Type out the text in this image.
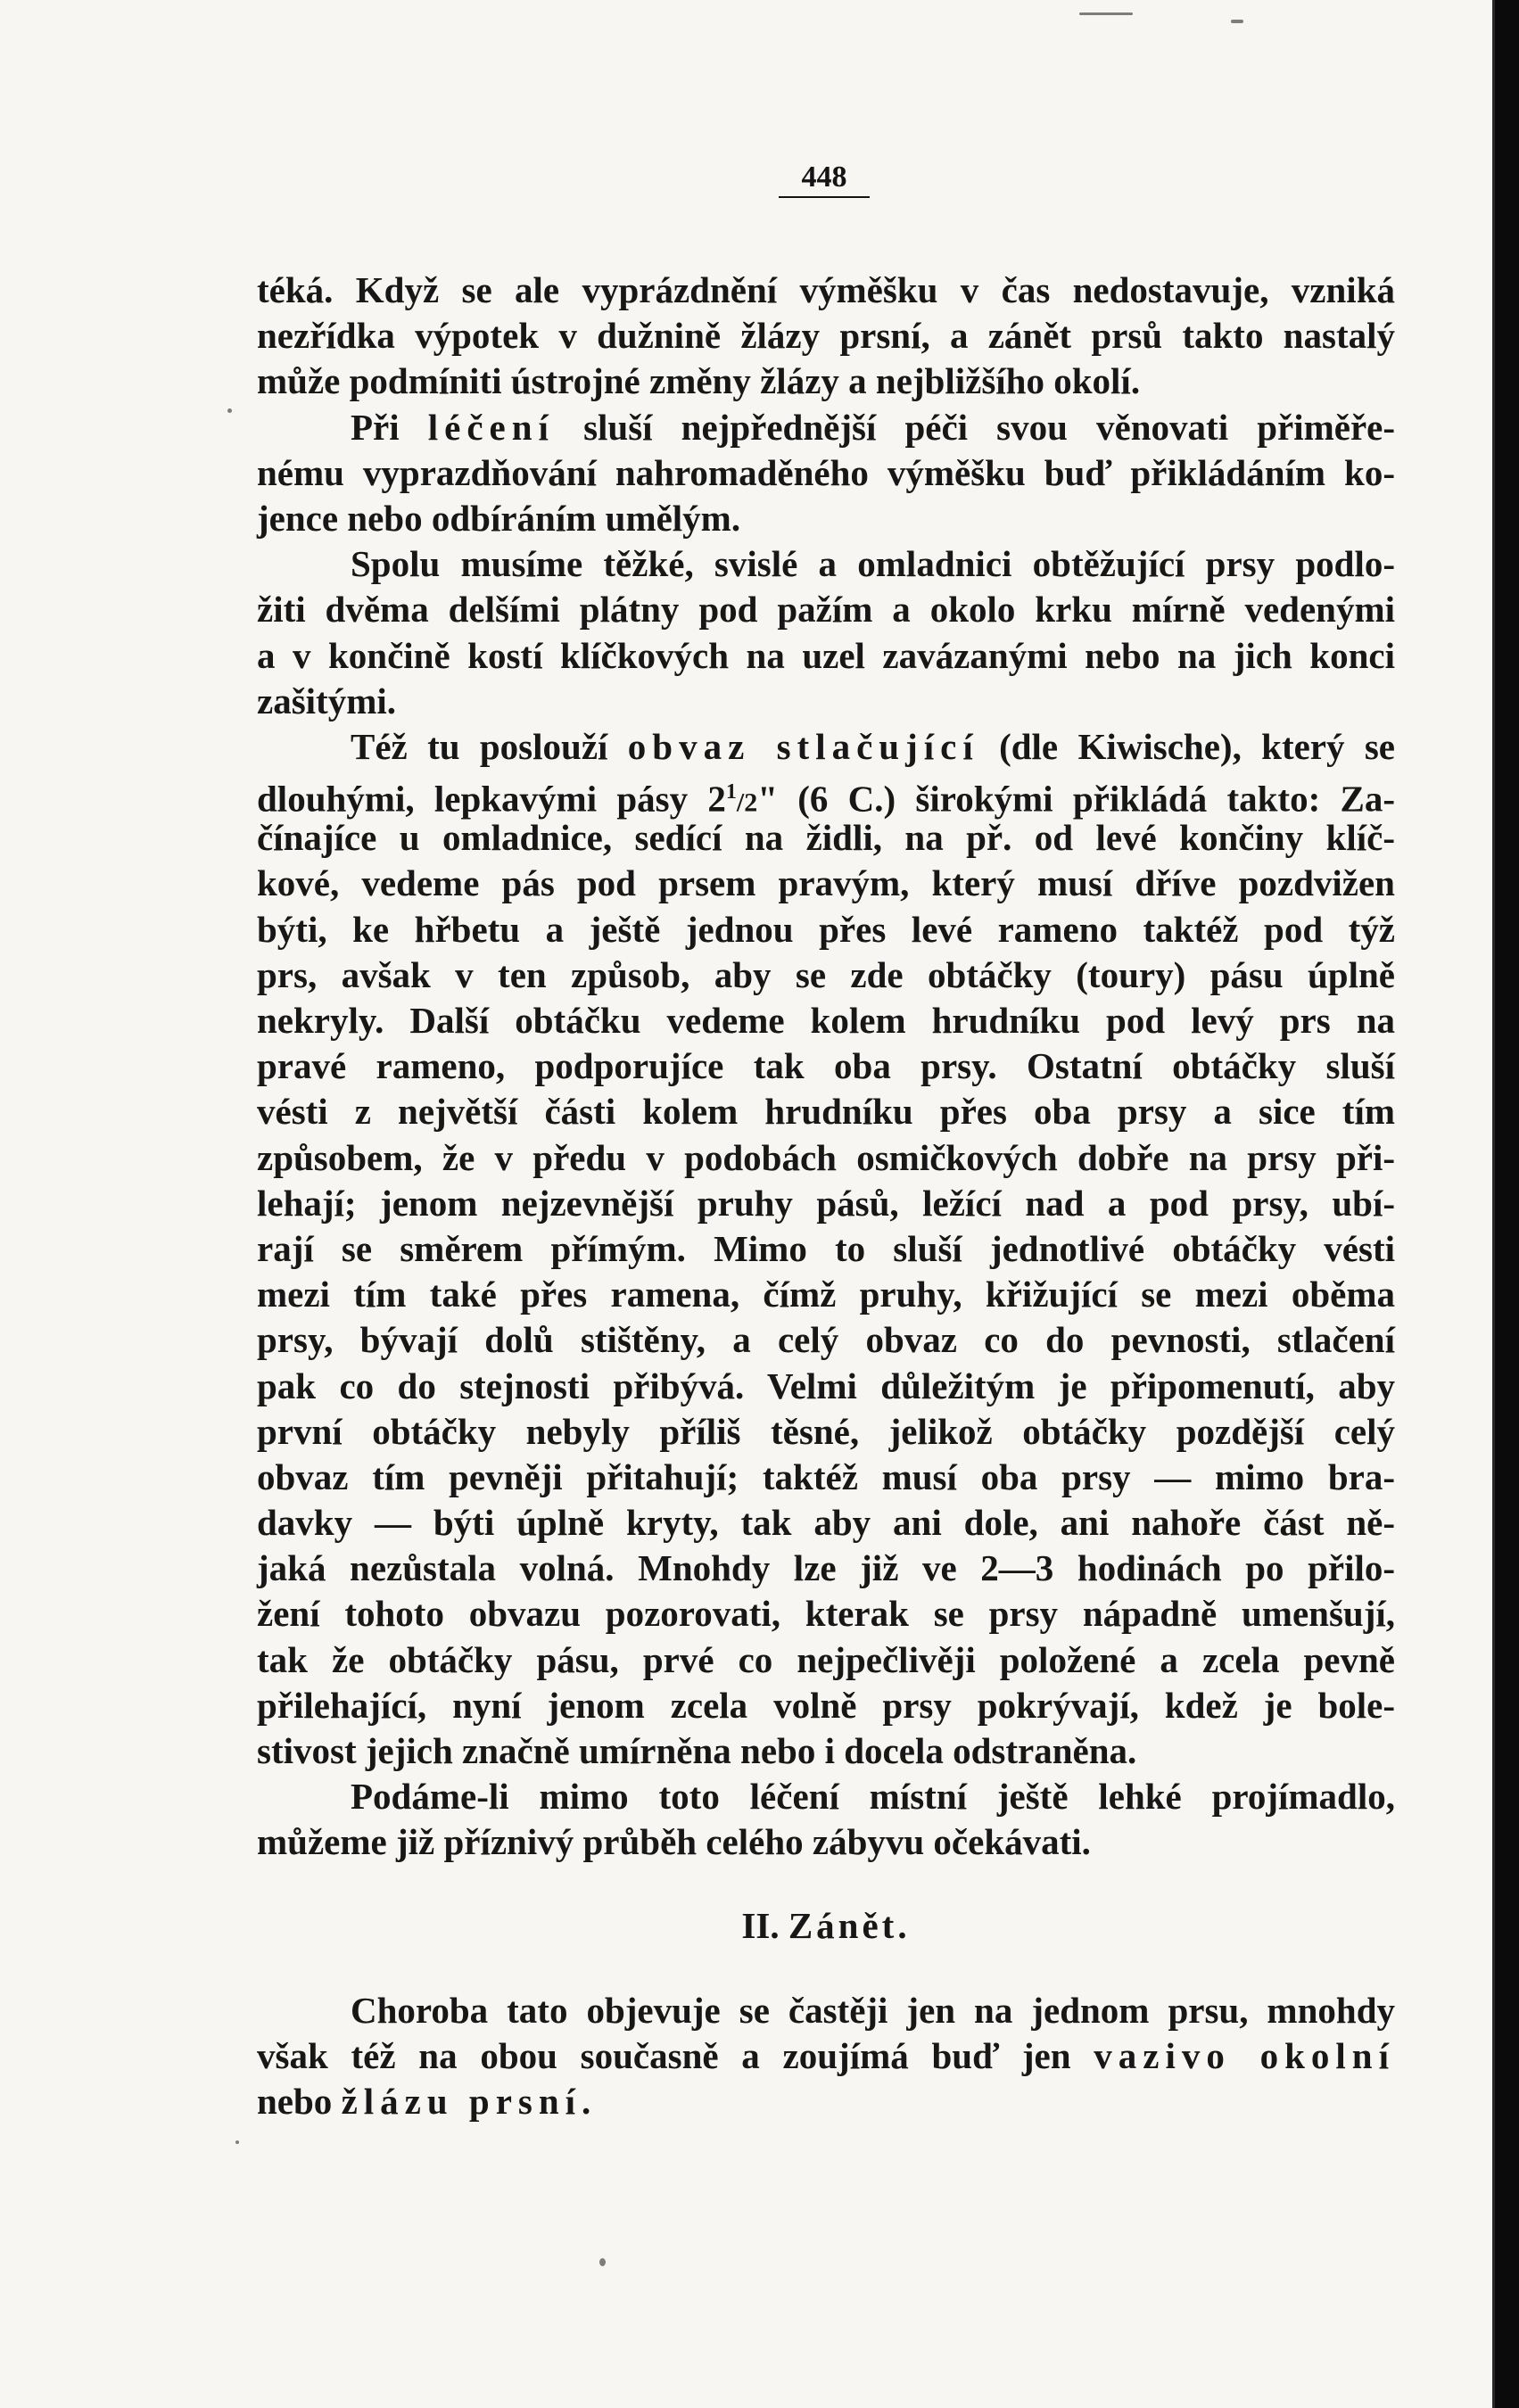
448
téká. Když se ale vyprázdnění výměšku v čas nedostavuje, vzniká
nezřídka výpotek v dužnině žlázy prsní, a zánět prsů takto nastalý
může podmíniti ústrojné změny žlázy a nejbližšího okolí.
Při léčení sluší nejpřednější péči svou věnovati přiměře-
nému vyprazdňování nahromaděného výměšku buď přikládáním ko-
jence nebo odbíráním umělým.
Spolu musíme těžké, svislé a omladnici obtěžující prsy podlo-
žiti dvěma delšími plátny pod pažím a okolo krku mírně vedenými
a v končině kostí klíčkových na uzel zavázanými nebo na jich konci
zašitými.
Též tu poslouží obvaz stlačující (dle Kiwische), který se
dlouhými, lepkavými pásy $2^1/2$" (6 C.) širokými přikládá takto: Za-
čínajíce u omladnice, sedící na židli, na př. od levé končiny klíč-
kové, vedeme pás pod prsem pravým, který musí dříve pozdvižen
býti, ke hřbetu a ještě jednou přes levé rameno taktéž pod týž
prs, avšak v ten způsob, aby se zde obtáčky (toury) pásu úplně
nekryly. Další obtáčku vedeme kolem hrudníku pod levý prs na
pravé rameno, podporujíce tak oba prsy. Ostatní obtáčky sluší
vésti z největší části kolem hrudníku přes oba prsy a sice tím
způsobem, že v předu v podobách osmičkových dobře na prsy při-
lehají; jenom nejzevnější pruhy pásů, ležící nad a pod prsy, ubí-
rají se směrem přímým. Mimo to sluší jednotlivé obtáčky vésti
mezi tím také přes ramena, čímž pruhy, křižující se mezi oběma
prsy, bývají dolů stištěny, a celý obvaz co do pevnosti, stlačení
pak co do stejnosti přibývá. Velmi důležitým je připomenutí, aby
první obtáčky nebyly příliš těsné, jelikož obtáčky pozdější celý
obvaz tím pevněji přitahují; taktéž musí oba prsy — mimo bra-
davky — býti úplně kryty, tak aby ani dole, ani nahoře část ně-
jaká nezůstala volná. Mnohdy lze již ve 2—3 hodinách po přilo-
žení tohoto obvazu pozorovati, kterak se prsy nápadně umenšují,
tak že obtáčky pásu, prvé co nejpečlivěji položené a zcela pevně
přilehající, nyní jenom zcela volně prsy pokrývají, kdež je bole-
stivost jejich značně umírněna nebo i docela odstraněna.
Podáme-li mimo toto léčení místní ještě lehké projímadlo,
můžeme již příznivý průběh celého zábyvu očekávati.
II. Zánět.
Choroba tato objevuje se častěji jen na jednom prsu, mnohdy
však též na obou současně a zoujímá buď jen vazivo okolní
nebo žlázu prsní.
